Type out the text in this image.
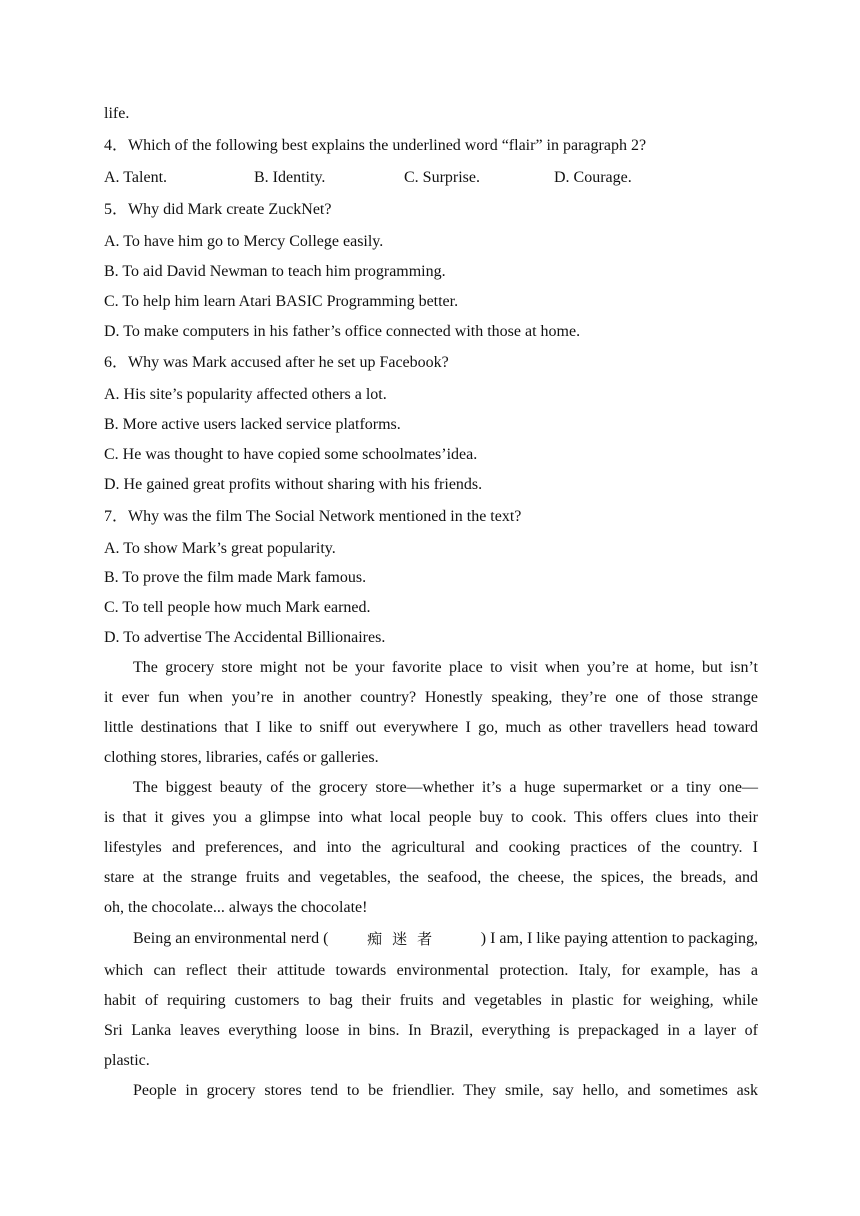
life.
4．Which of the following best explains the underlined word “flair” in paragraph 2?
A. Talent.	B. Identity.	C. Surprise.	D. Courage.
5．Why did Mark create ZuckNet?
A. To have him go to Mercy College easily.
B. To aid David Newman to teach him programming.
C. To help him learn Atari BASIC Programming better.
D. To make computers in his father’s office connected with those at home.
6．Why was Mark accused after he set up Facebook?
A. His site’s popularity affected others a lot.
B. More active users lacked service platforms.
C. He was thought to have copied some schoolmates’idea.
D. He gained great profits without sharing with his friends.
7．Why was the film The Social Network mentioned in the text?
A. To show Mark’s great popularity.
B. To prove the film made Mark famous.
C. To tell people how much Mark earned.
D. To advertise The Accidental Billionaires.
The grocery store might not be your favorite place to visit when you’re at home, but isn’t
it ever fun when you’re in another country? Honestly speaking, they’re one of those strange
little destinations that I like to sniff out everywhere I go, much as other travellers head toward
clothing stores, libraries, cafés or galleries.
The biggest beauty of the grocery store—whether it’s a huge supermarket or a tiny one—
is that it gives you a glimpse into what local people buy to cook. This offers clues into their
lifestyles and preferences, and into the agricultural and cooking practices of the country. I
stare at the strange fruits and vegetables, the seafood, the cheese, the spices, the breads, and
oh, the chocolate... always the chocolate!
Being an environmental nerd (	痴迷者 ) I am, I like paying attention to packaging,
which can reflect their attitude towards environmental protection. Italy, for example, has a
habit of requiring customers to bag their fruits and vegetables in plastic for weighing, while
Sri Lanka leaves everything loose in bins. In Brazil, everything is prepackaged in a layer of
plastic.
People in grocery stores tend to be friendlier. They smile, say hello, and sometimes ask
